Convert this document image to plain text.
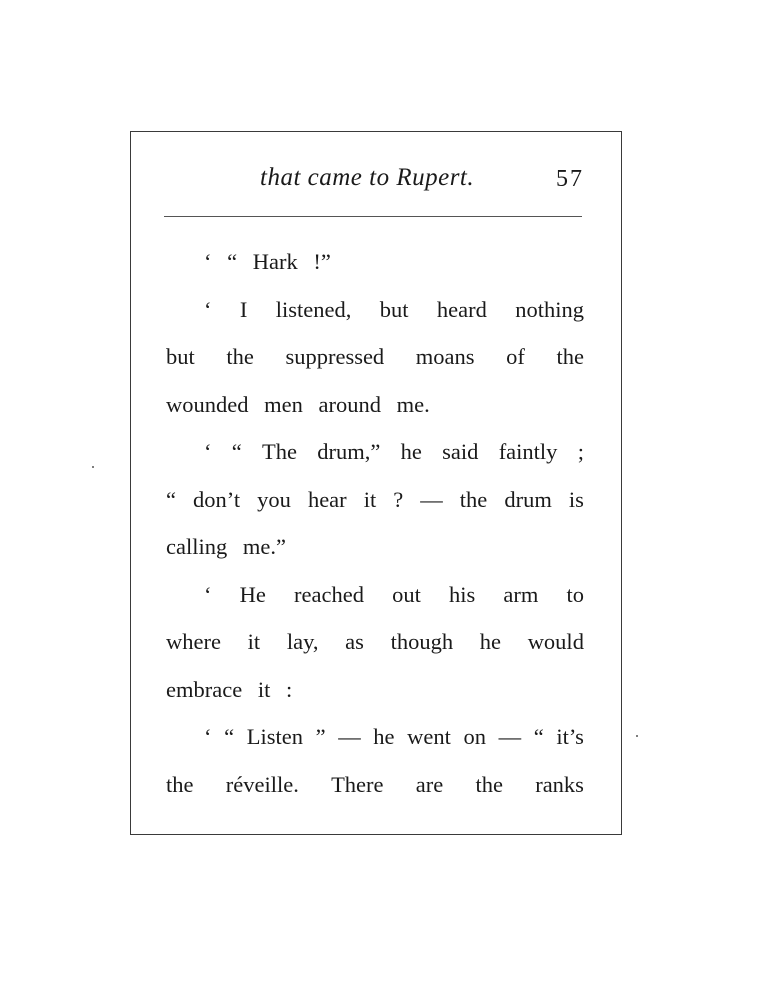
that came to Rupert.	57
‘ “ Hark !”
‘ I listened, but heard nothing
but the suppressed moans of the
wounded men around me.
‘ “ The drum,” he said faintly ;
“ don’t you hear it ? — the drum is
calling me.”
‘ He reached out his arm to
where it lay, as though he would
embrace it :
‘ “ Listen ” — he went on — “ it’s
the réveille. There are the ranks
